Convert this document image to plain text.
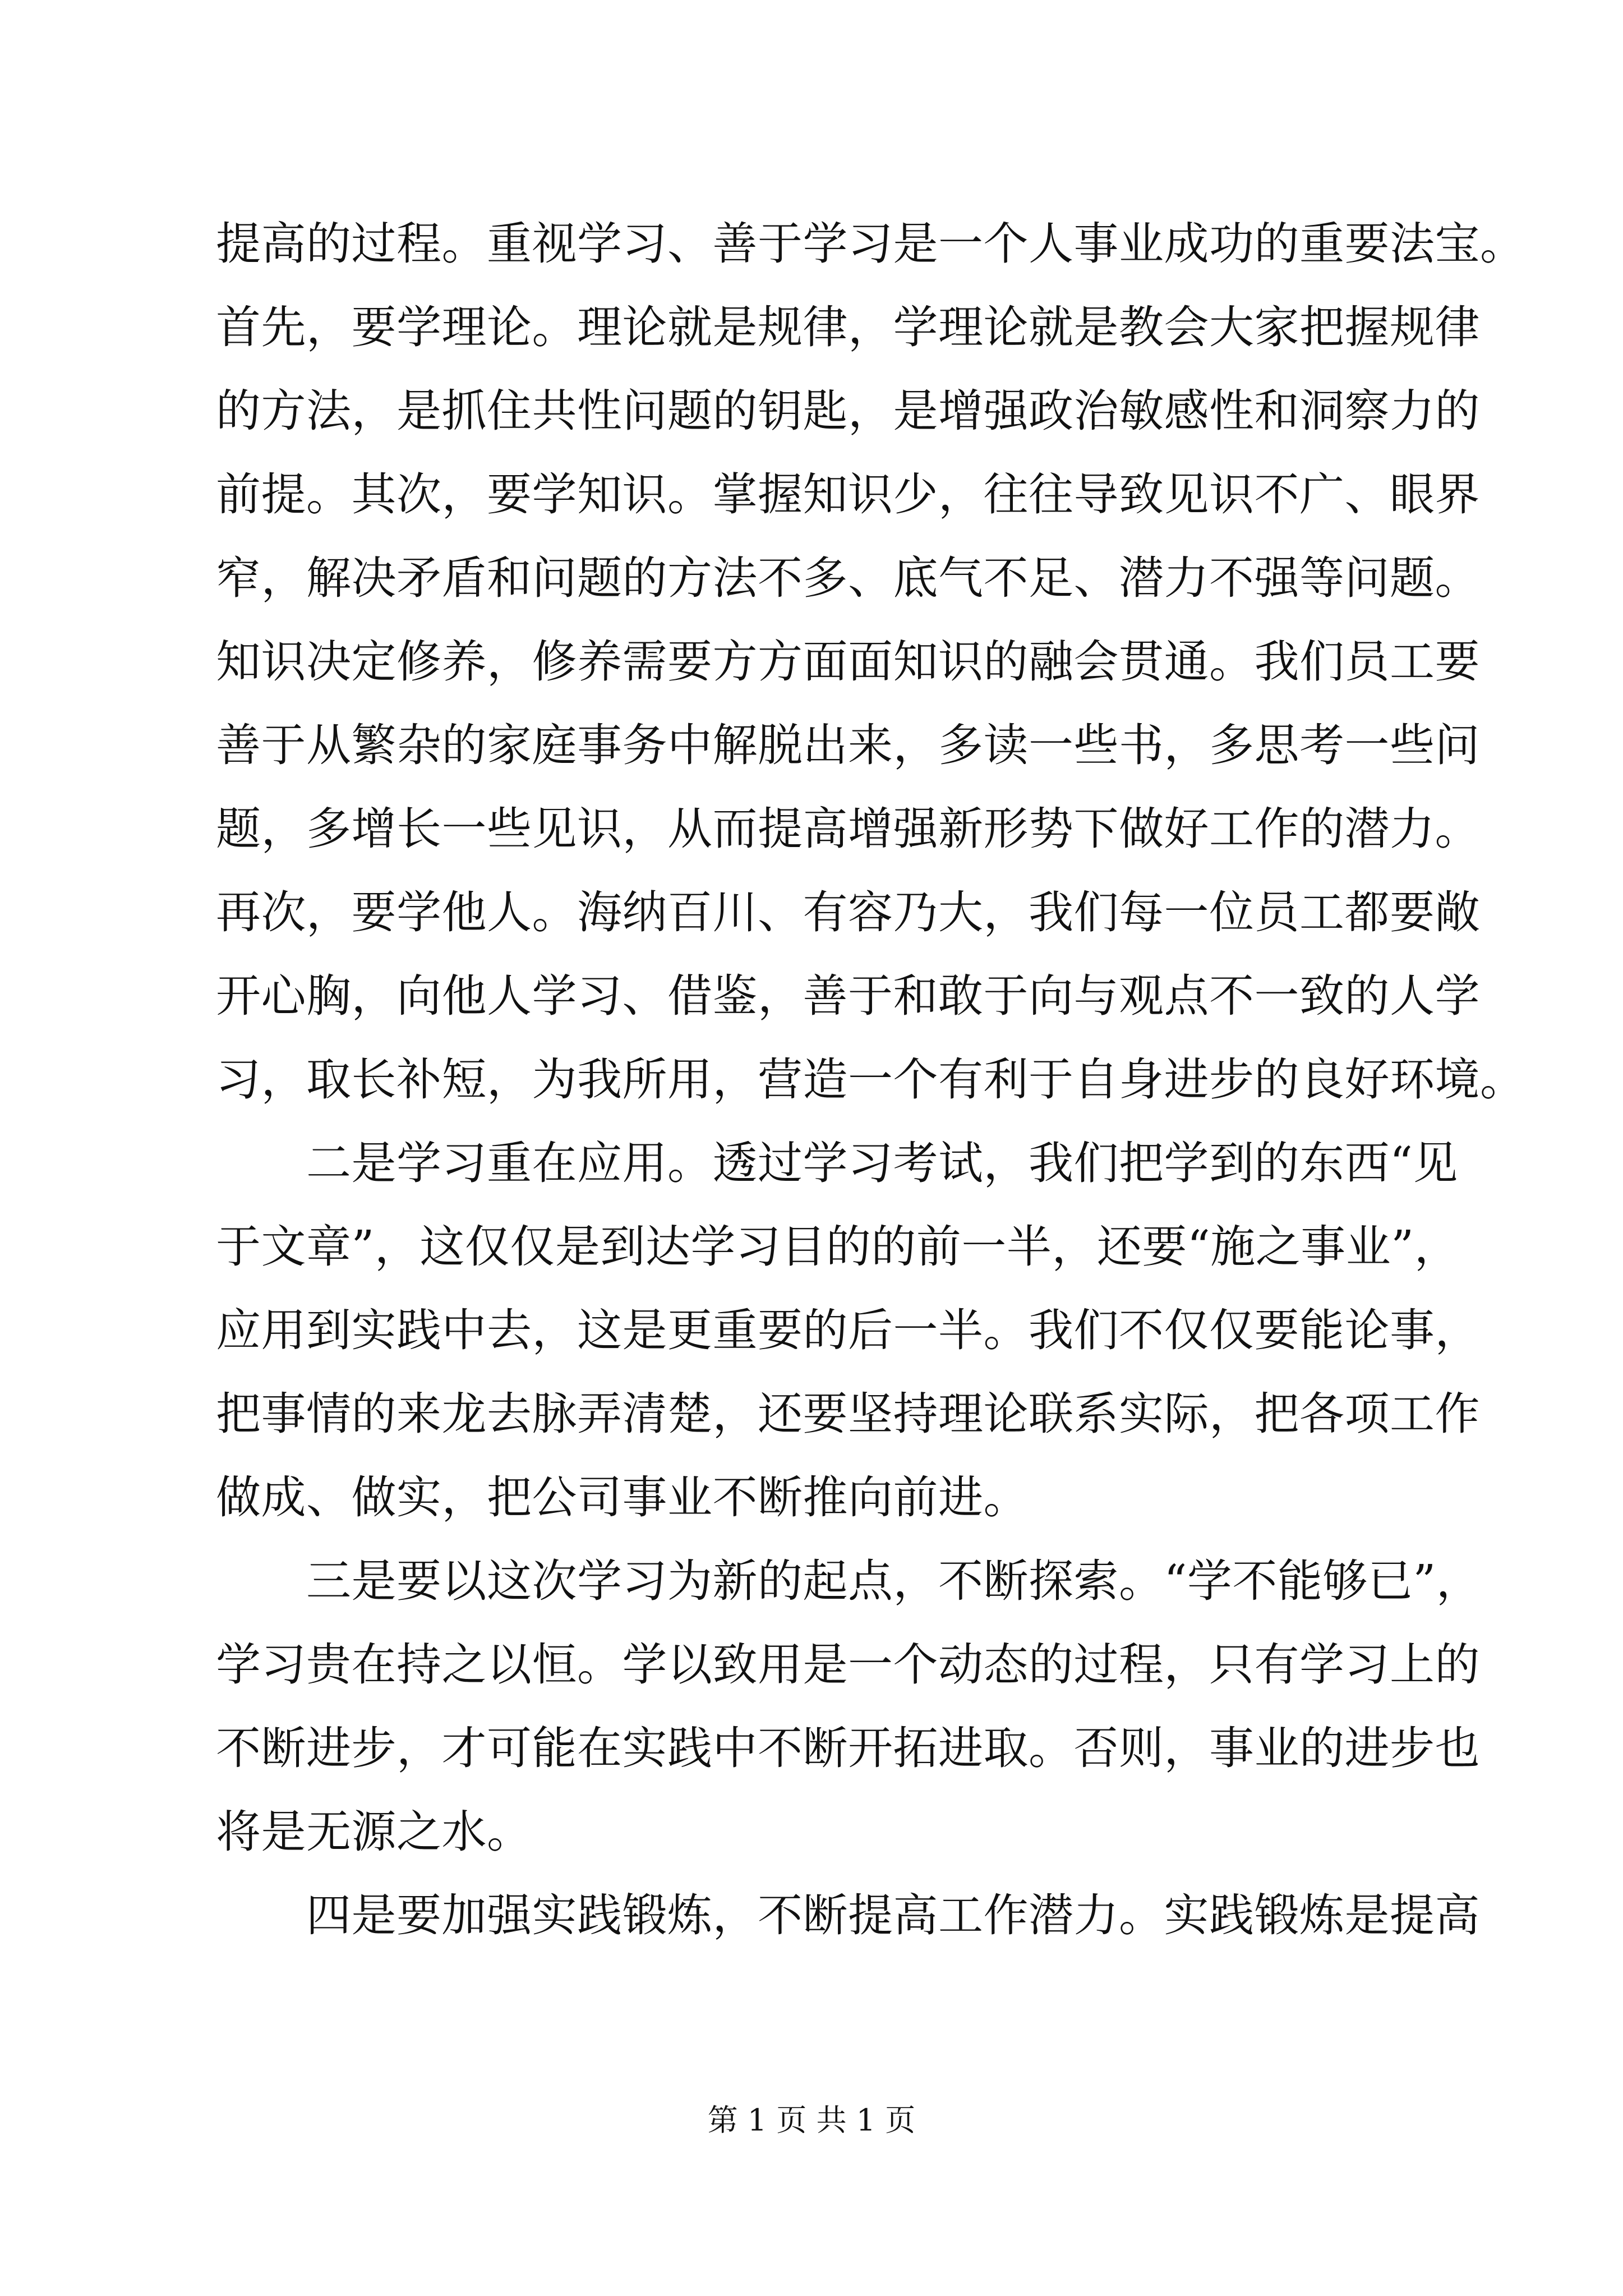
提高的过程。重视学习、善于学习是一个人事业成功的重要法宝。
首先，要学理论。理论就是规律，学理论就是教会大家把握规律
的方法，是抓住共性问题的钥匙，是增强政治敏感性和洞察力的
前提。其次，要学知识。掌握知识少，往往导致见识不广、眼界
窄，解决矛盾和问题的方法不多、底气不足、潜力不强等问题。
知识决定修养，修养需要方方面面知识的融会贯通。我们员工要
善于从繁杂的家庭事务中解脱出来，多读一些书，多思考一些问
题，多增长一些见识，从而提高增强新形势下做好工作的潜力。
再次，要学他人。海纳百川、有容乃大，我们每一位员工都要敞
开心胸，向他人学习、借鉴，善于和敢于向与观点不一致的人学
习，取长补短，为我所用，营造一个有利于自身进步的良好环境。
　　二是学习重在应用。透过学习考试，我们把学到的东西“见
于文章”，这仅仅是到达学习目的的前一半，还要“施之事业”，
应用到实践中去，这是更重要的后一半。我们不仅仅要能论事，
把事情的来龙去脉弄清楚，还要坚持理论联系实际，把各项工作
做成、做实，把公司事业不断推向前进。
　　三是要以这次学习为新的起点，不断探索。“学不能够已”，
学习贵在持之以恒。学以致用是一个动态的过程，只有学习上的
不断进步，才可能在实践中不断开拓进取。否则，事业的进步也
将是无源之水。
　　四是要加强实践锻炼，不断提高工作潜力。实践锻炼是提高
第 1 页 共 1 页
